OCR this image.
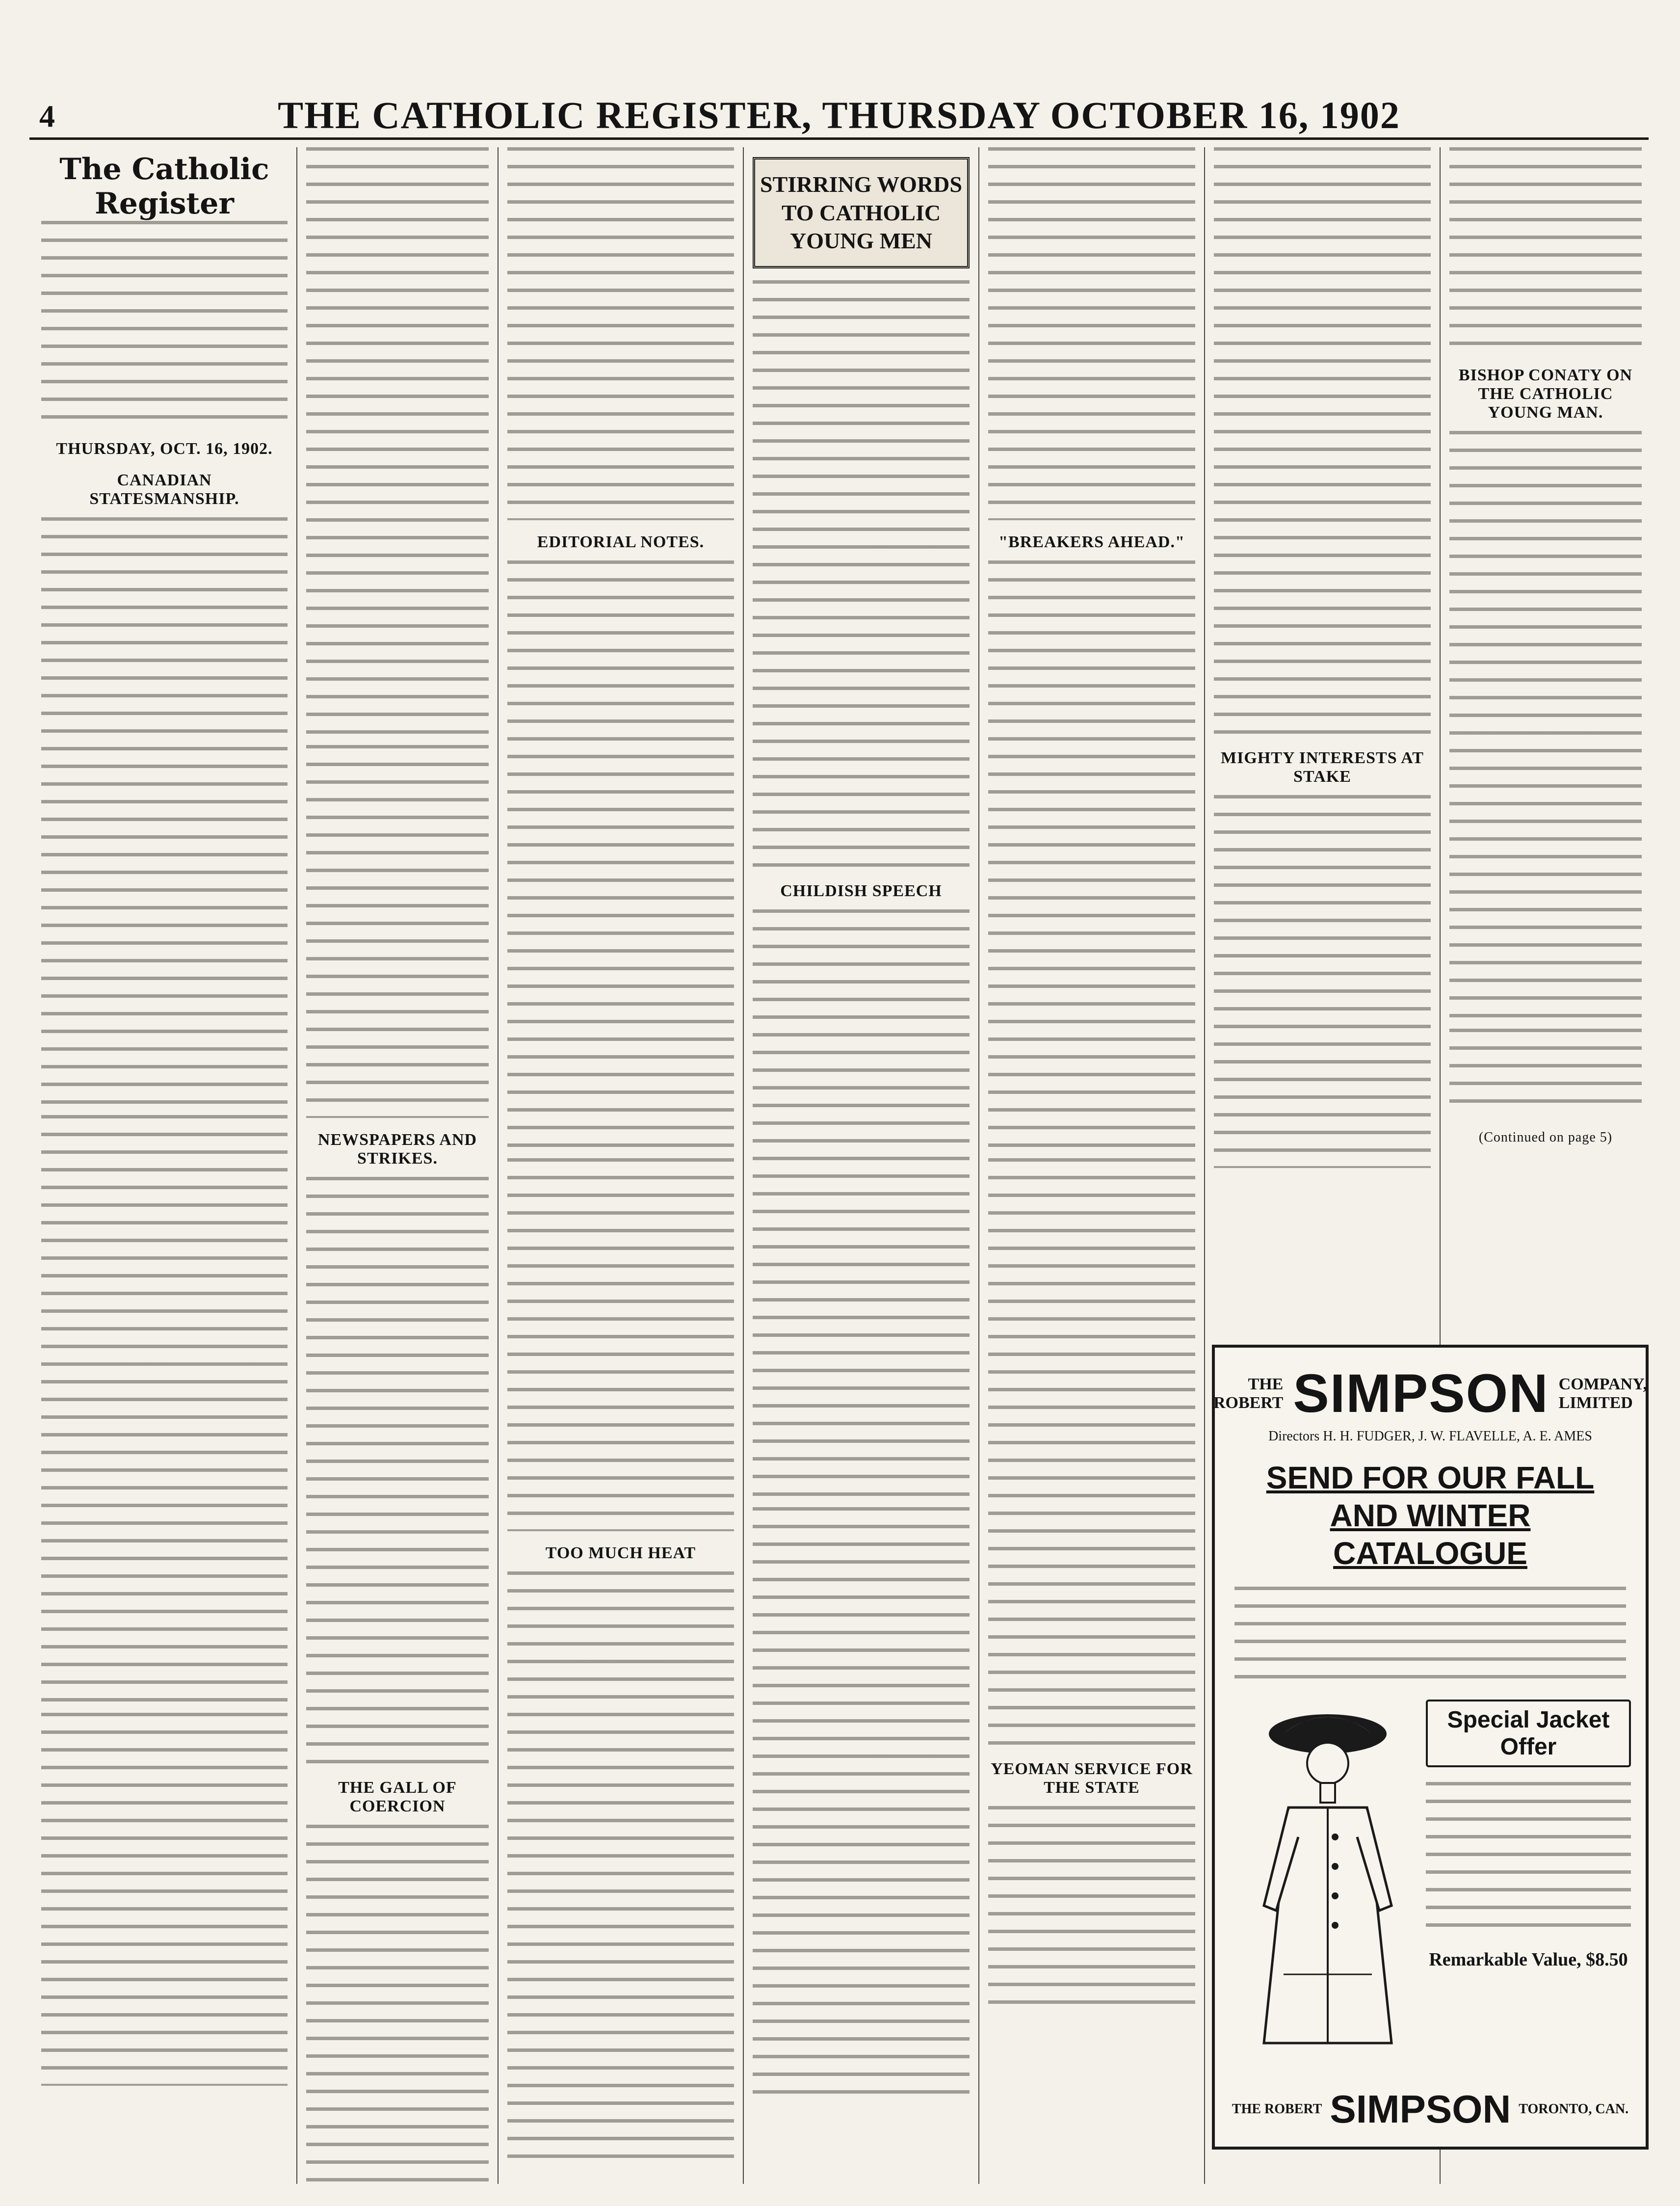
4	THE CATHOLIC REGISTER, THURSDAY OCTOBER 16, 1902
The Catholic Register
THURSDAY, OCT. 16, 1902.
CANADIAN STATESMANSHIP.
NEWSPAPERS AND STRIKES.
THE GALL OF COERCION
EDITORIAL NOTES.
TOO MUCH HEAT
STIRRING WORDS TO CATHOLIC YOUNG MEN
CHILDISH SPEECH
"BREAKERS AHEAD."
YEOMAN SERVICE FOR THE STATE
MIGHTY INTERESTS AT STAKE
BISHOP CONATY ON THE CATHOLIC YOUNG MAN.
(Continued on page 5)
THE ROBERT SIMPSON COMPANY, LIMITED
Directors H. H. FUDGER, J. W. FLAVELLE, A. E. AMES
SEND FOR OUR FALL AND WINTER CATALOGUE
Special Jacket Offer
Remarkable Value, $8.50
THE ROBERT SIMPSON TORONTO, CAN.
